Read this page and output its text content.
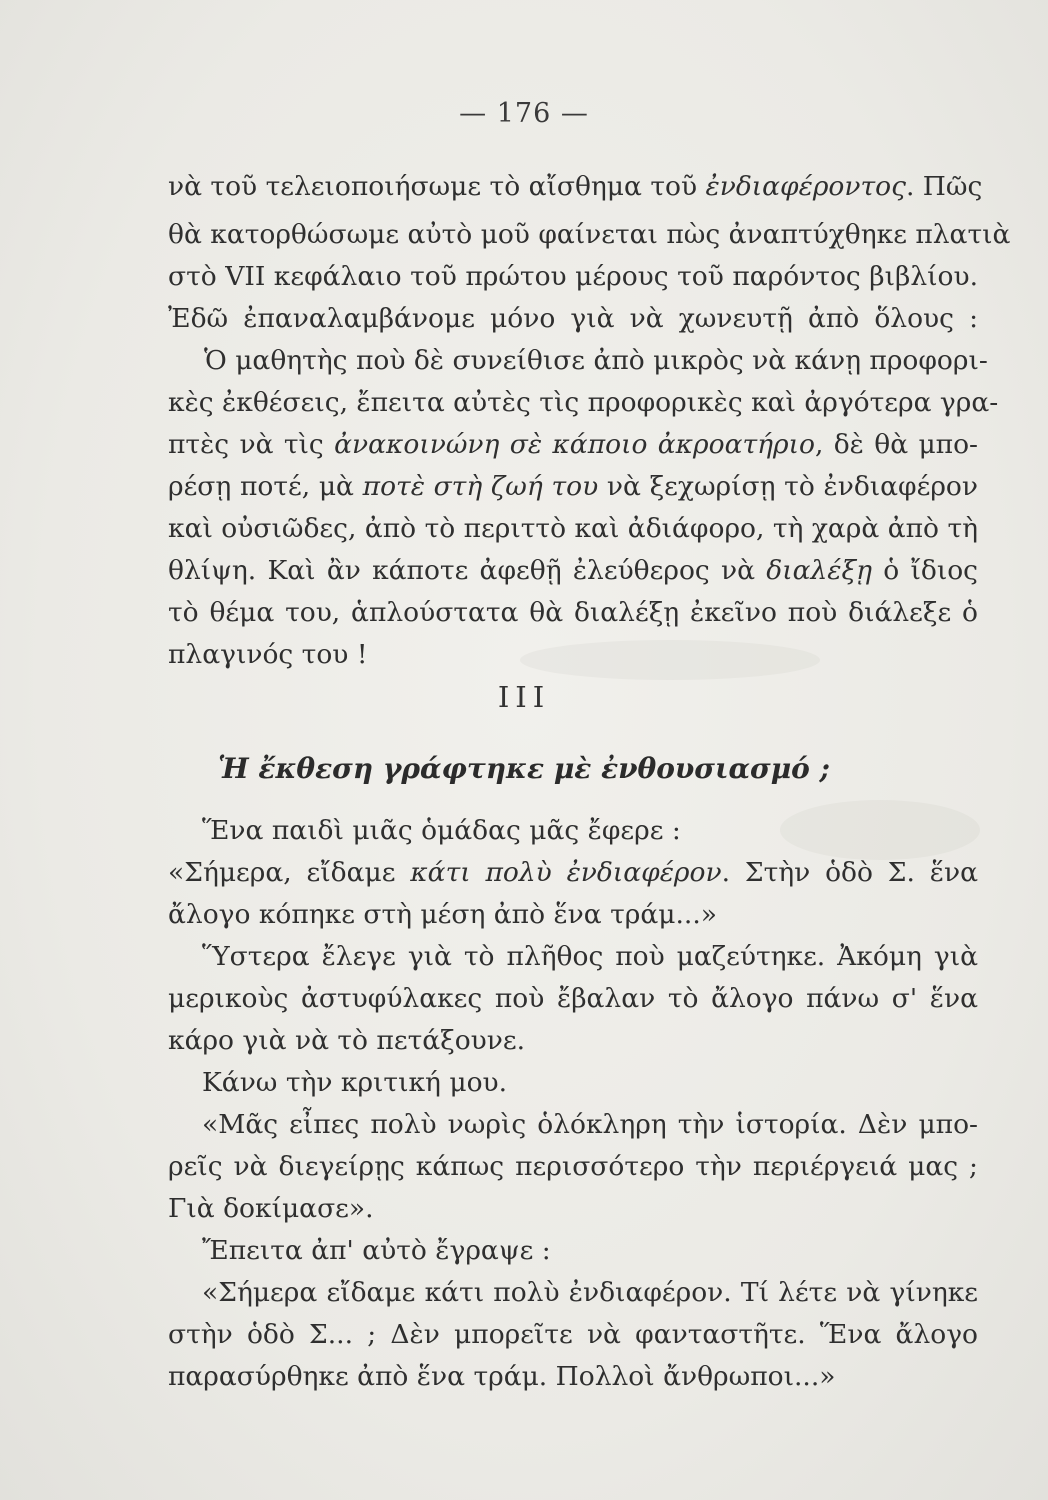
— 176 —
νὰ τοῦ τελειοποιήσωμε τὸ αἴσθημα τοῦ ἐνδιαφέροντος. Πῶς
θὰ κατορθώσωμε αὐτὸ μοῦ φαίνεται πὼς ἀναπτύχθηκε πλατιὰ
στὸ VII κεφάλαιο τοῦ πρώτου μέρους τοῦ παρόντος βιβλίου.
Ἐδῶ ἐπαναλαμβάνομε μόνο γιὰ νὰ χωνευτῇ ἀπὸ ὅλους :
Ὁ μαθητὴς ποὺ δὲ συνείθισε ἀπὸ μικρὸς νὰ κάνῃ προφορι-
κὲς ἐκθέσεις, ἔπειτα αὐτὲς τὶς προφορικὲς καὶ ἀργότερα γρα-
πτὲς νὰ τὶς ἀνακοινώνη σὲ κάποιο ἀκροατήριο, δὲ θὰ μπο-
ρέσῃ ποτέ, μὰ ποτὲ στὴ ζωή του νὰ ξεχωρίσῃ τὸ ἐνδιαφέρον
καὶ οὐσιῶδες, ἀπὸ τὸ περιττὸ καὶ ἀδιάφορο, τὴ χαρὰ ἀπὸ τὴ
θλίψη. Καὶ ἂν κάποτε ἀφεθῇ ἐλεύθερος νὰ διαλέξῃ ὁ ἴδιος
τὸ θέμα του, ἁπλούστατα θὰ διαλέξῃ ἐκεῖνο ποὺ διάλεξε ὁ
πλαγινός του !
Ἕνα παιδὶ μιᾶς ὁμάδας μᾶς ἔφερε :
«Σήμερα, εἴδαμε κάτι πολὺ ἐνδιαφέρον. Στὴν ὁδὸ Σ. ἕνα
ἄλογο κόπηκε στὴ μέση ἀπὸ ἕνα τράμ...»
Ὕστερα ἔλεγε γιὰ τὸ πλῆθος ποὺ μαζεύτηκε. Ἀκόμη γιὰ
μερικοὺς ἀστυφύλακες ποὺ ἔβαλαν τὸ ἄλογο πάνω σ' ἕνα
κάρο γιὰ νὰ τὸ πετάξουνε.
Κάνω τὴν κριτική μου.
«Μᾶς εἶπες πολὺ νωρὶς ὁλόκληρη τὴν ἱστορία. Δὲν μπο-
ρεῖς νὰ διεγείρῃς κάπως περισσότερο τὴν περιέργειά μας ;
Γιὰ δοκίμασε».
Ἔπειτα ἀπ' αὐτὸ ἔγραψε :
«Σήμερα εἴδαμε κάτι πολὺ ἐνδιαφέρον. Τί λέτε νὰ γίνηκε
στὴν ὁδὸ Σ... ; Δὲν μπορεῖτε νὰ φανταστῆτε. Ἕνα ἄλογο
παρασύρθηκε ἀπὸ ἕνα τράμ. Πολλοὶ ἄνθρωποι...»
III
Ἡ ἔκθεση γράφτηκε μὲ ἐνθουσιασμό ;
